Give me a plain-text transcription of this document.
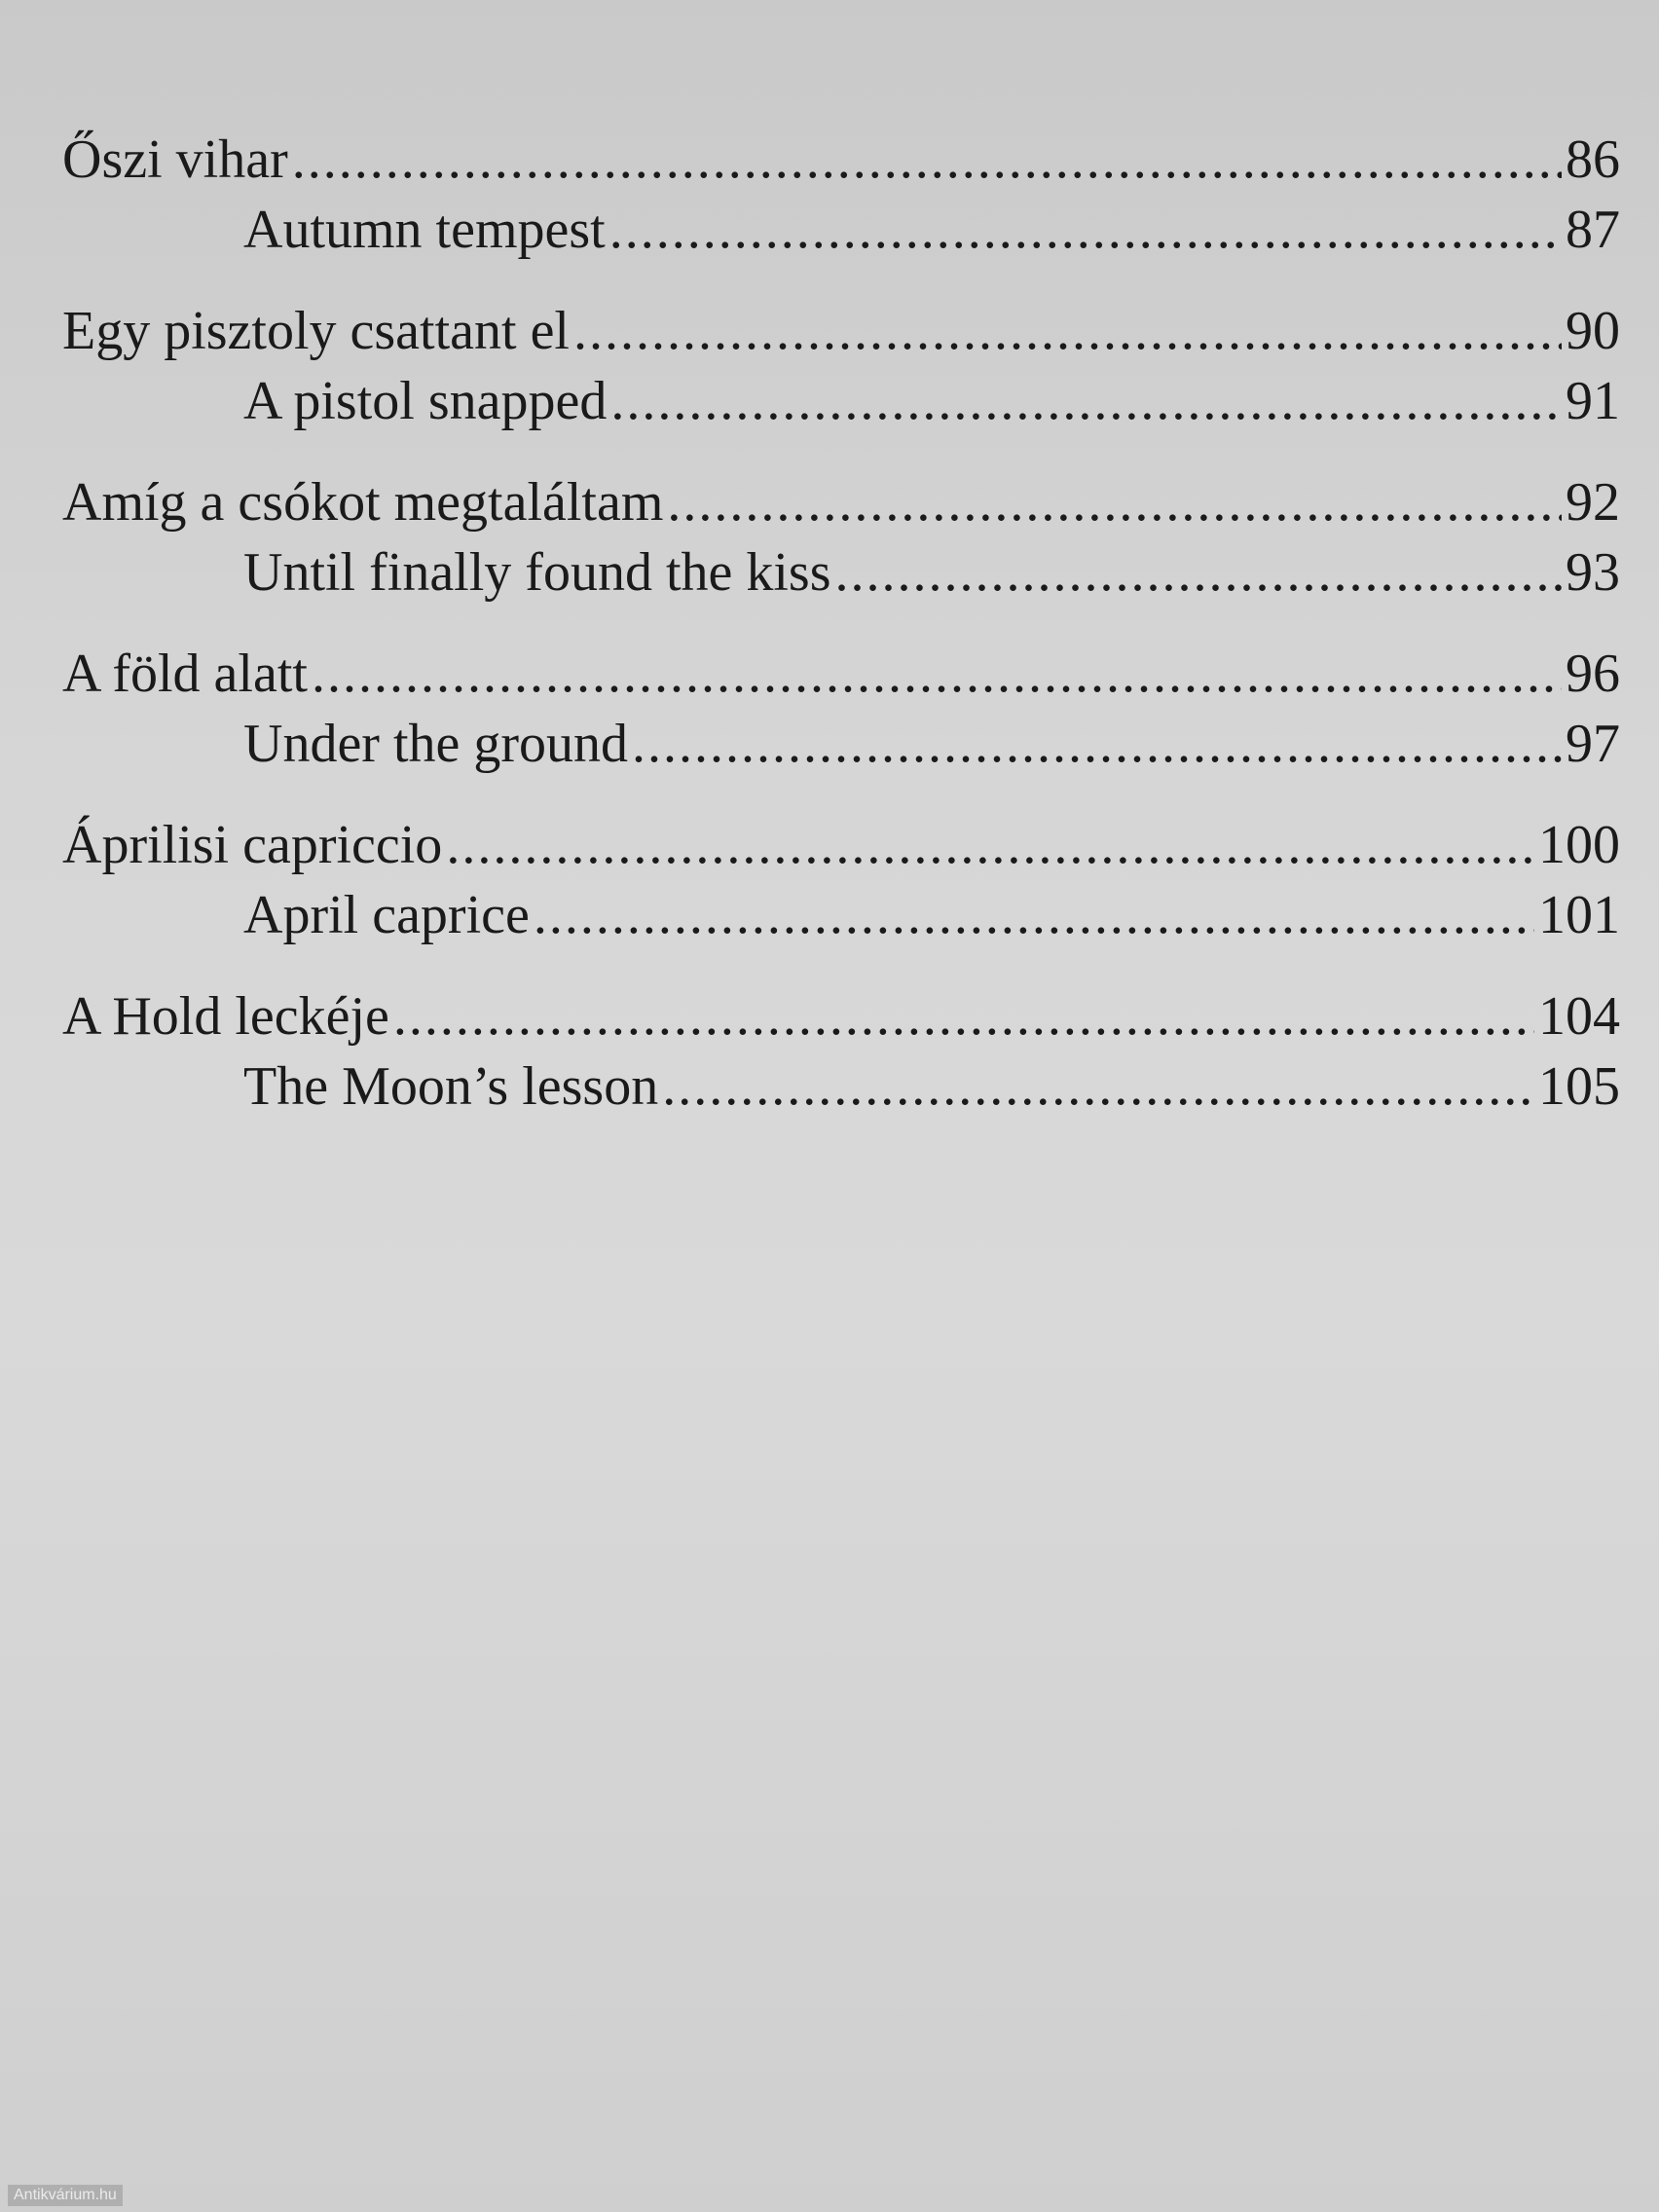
Őszi vihar .....	86
Autumn tempest .....	87
Egy pisztoly csattant el .....	90
A pistol snapped .....	91
Amíg a csókot megtaláltam .....	92
Until finally found the kiss .....	93
A föld alatt .....	96
Under the ground .....	97
Áprilisi capriccio .....	100
April caprice .....	101
A Hold leckéje .....	104
The Moon’s lesson .....	105
Antikvárium.hu
